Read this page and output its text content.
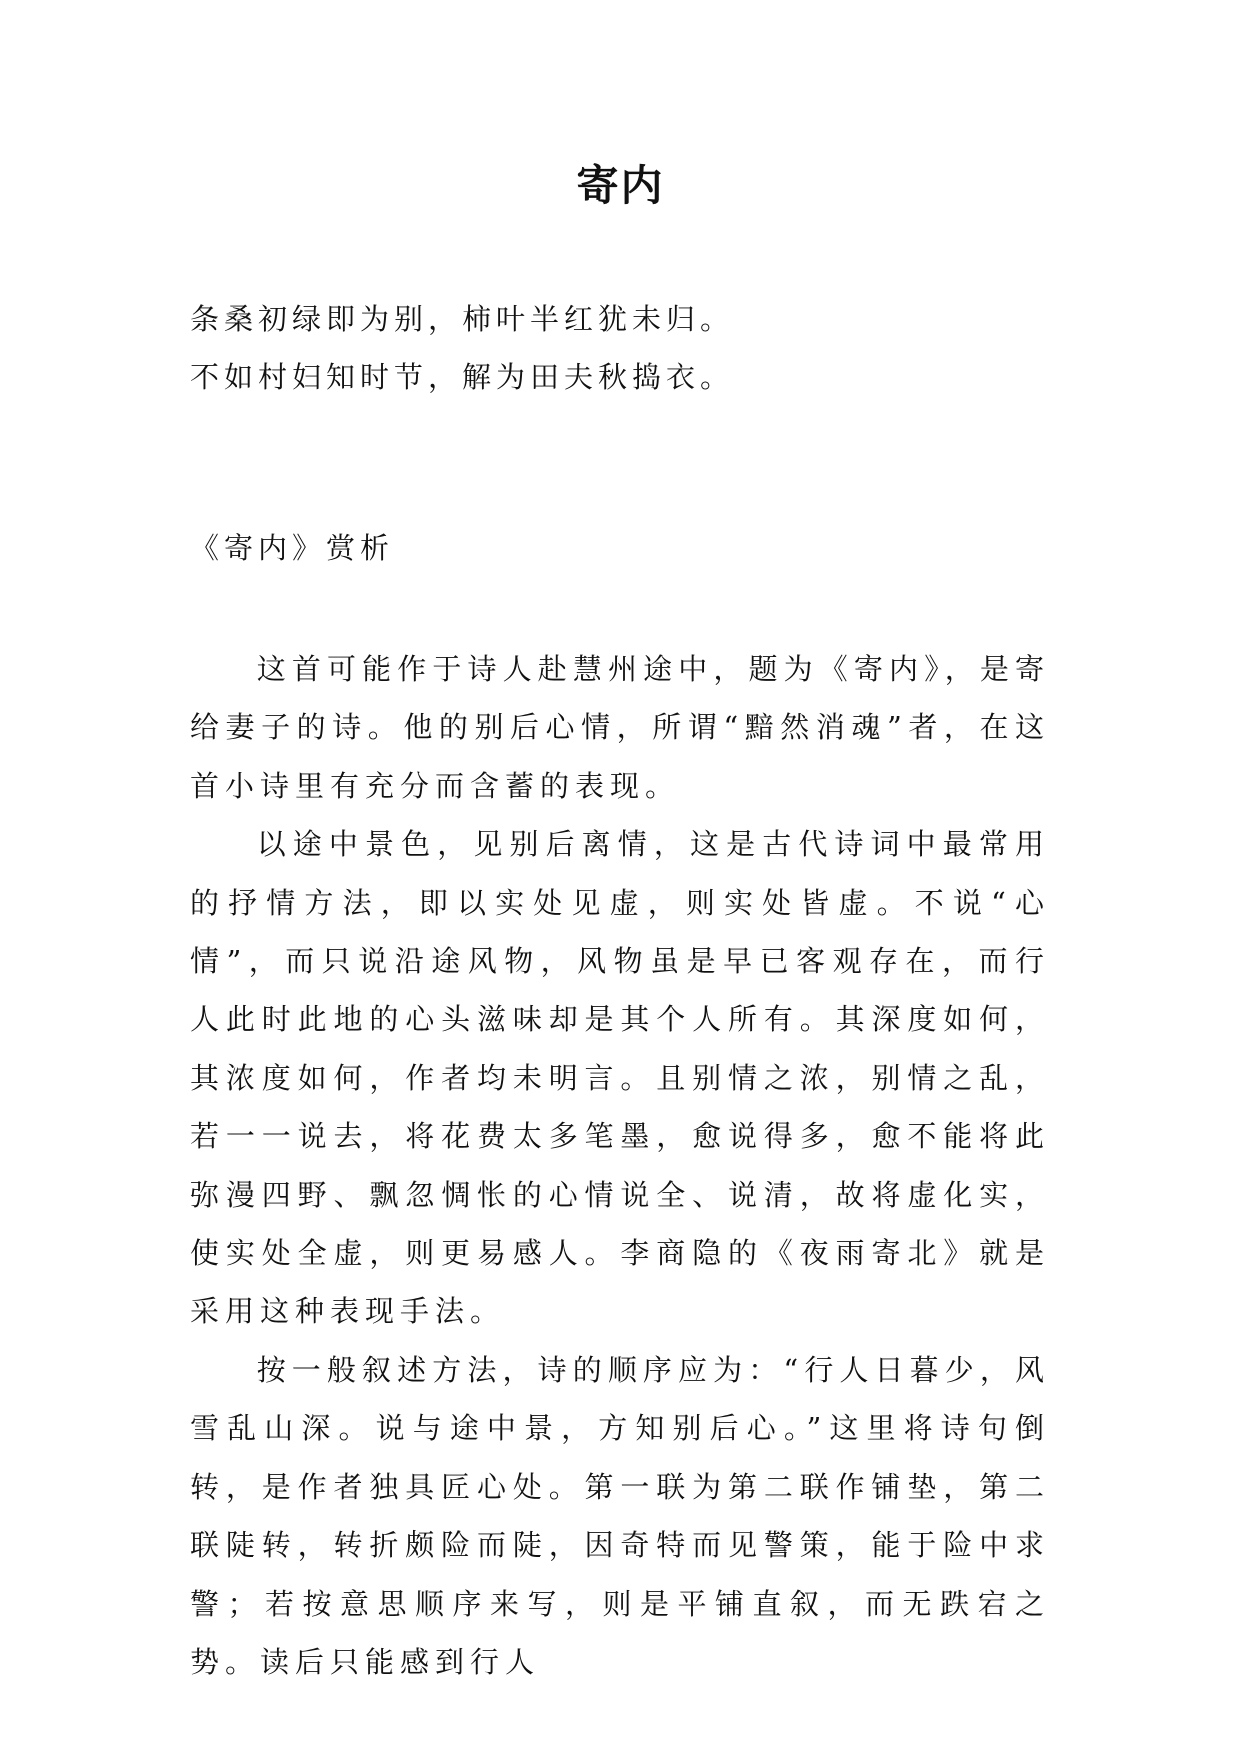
寄内
条桑初绿即为别，柿叶半红犹未归。
不如村妇知时节，解为田夫秋捣衣。
《寄内》赏析

这首可能作于诗人赴慧州途中，题为《寄内》，是寄给妻子的诗。他的别后心情，所谓“黯然消魂”者，在这首小诗里有充分而含蓄的表现。

以途中景色，见别后离情，这是古代诗词中最常用的抒情方法，即以实处见虚，则实处皆虚。不说“心情”，而只说沿途风物，风物虽是早已客观存在，而行人此时此地的心头滋味却是其个人所有。其深度如何，其浓度如何，作者均未明言。且别情之浓，别情之乱，若一一说去，将花费太多笔墨，愈说得多，愈不能将此弥漫四野、飘忽惆怅的心情说全、说清，故将虚化实，使实处全虚，则更易感人。李商隐的《夜雨寄北》就是采用这种表现手法。

按一般叙述方法，诗的顺序应为：“行人日暮少，风雪乱山深。说与途中景，方知别后心。”这里将诗句倒转，是作者独具匠心处。第一联为第二联作铺垫，第二联陡转，转折颇险而陡，因奇特而见警策，能于险中求警；若按意思顺序来写，则是平铺直叙，而无跌宕之势。读后只能感到行人
